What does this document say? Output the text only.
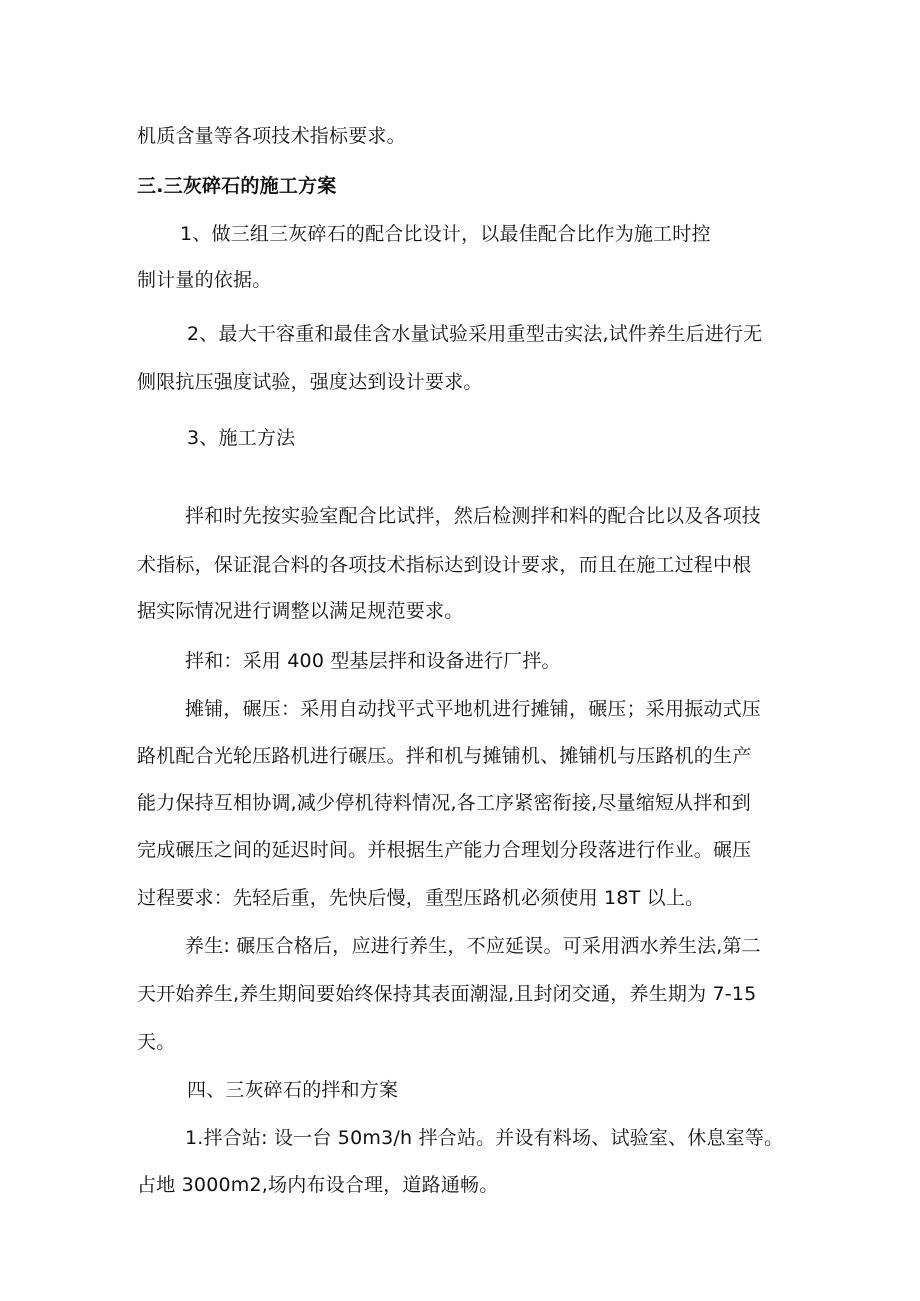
机质含量等各项技术指标要求。
三.三灰碎石的施工方案
1、做三组三灰碎石的配合比设计，以最佳配合比作为施工时控
制计量的依据。
2、最大干容重和最佳含水量试验采用重型击实法,试件养生后进行无
侧限抗压强度试验，强度达到设计要求。
3、施工方法
拌和时先按实验室配合比试拌，然后检测拌和料的配合比以及各项技
术指标，保证混合料的各项技术指标达到设计要求，而且在施工过程中根
据实际情况进行调整以满足规范要求。
拌和：采用 400 型基层拌和设备进行厂拌。
摊铺，碾压：采用自动找平式平地机进行摊铺，碾压；采用振动式压
路机配合光轮压路机进行碾压。拌和机与摊铺机、摊铺机与压路机的生产
能力保持互相协调,减少停机待料情况,各工序紧密衔接,尽量缩短从拌和到
完成碾压之间的延迟时间。并根据生产能力合理划分段落进行作业。碾压
过程要求：先轻后重，先快后慢，重型压路机必须使用 18T 以上。
养生: 碾压合格后，应进行养生，不应延误。可采用洒水养生法,第二
天开始养生,养生期间要始终保持其表面潮湿,且封闭交通，养生期为 7-15
天。
四、三灰碎石的拌和方案
1.拌合站: 设一台 50m3/h 拌合站。并设有料场、试验室、休息室等。
占地 3000m2,场内布设合理，道路通畅。
